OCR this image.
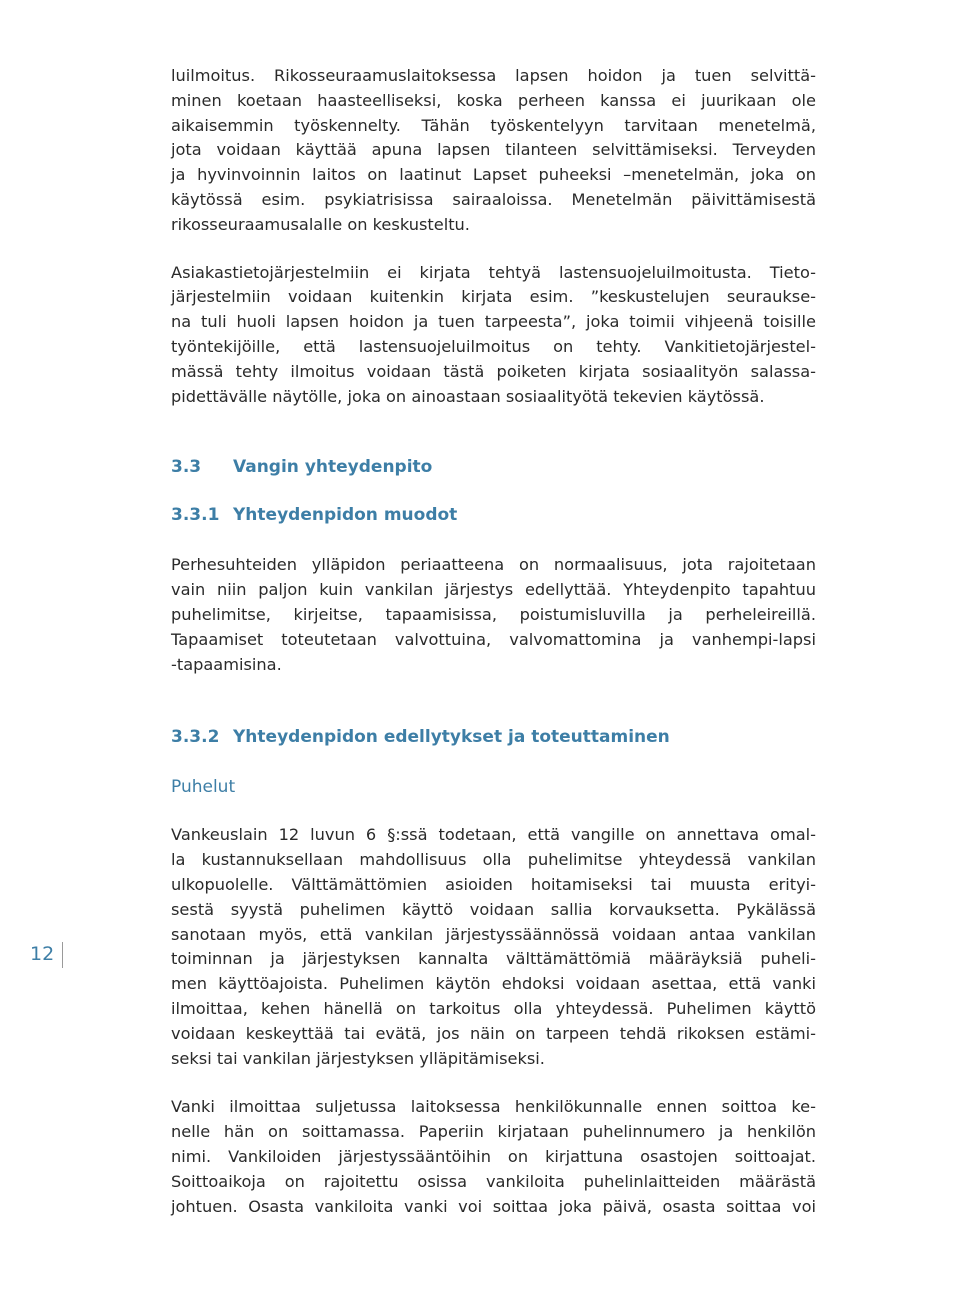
luilmoitus. Rikosseuraamuslaitoksessa lapsen hoidon ja tuen selvittä-
minen koetaan haasteelliseksi, koska perheen kanssa ei juurikaan ole
aikaisemmin työskennelty. Tähän työskentelyyn tarvitaan menetelmä,
jota voidaan käyttää apuna lapsen tilanteen selvittämiseksi. Terveyden
ja hyvinvoinnin laitos on laatinut Lapset puheeksi –menetelmän, joka on
käytössä esim. psykiatrisissa sairaaloissa. Menetelmän päivittämisestä
rikosseuraamusalalle on keskusteltu.

Asiakastietojärjestelmiin ei kirjata tehtyä lastensuojeluilmoitusta. Tieto-
järjestelmiin voidaan kuitenkin kirjata esim. ”keskustelujen seurauksе-
na tuli huoli lapsen hoidon ja tuen tarpeesta”, joka toimii vihjeenä toisille
työntekijöille, että lastensuojeluilmoitus on tehty. Vankitietojärjestel-
mässä tehty ilmoitus voidaan tästä poiketen kirjata sosiaalityön salassa-
pidettävälle näytölle, joka on ainoastaan sosiaalityötä tekevien käytössä.

3.3 Vangin yhteydenpito
3.3.1 Yhteydenpidon muodot

Perhesuhteiden ylläpidon periaatteena on normaalisuus, jota rajoitetaan
vain niin paljon kuin vankilan järjestys edellyttää. Yhteydenpito tapahtuu
puhelimitse, kirjeitse, tapaamisissa, poistumisluvilla ja perheleireillä.
Tapaamiset toteutetaan valvottuina, valvomattomina ja vanhempi-lapsi
-tapaamisina.

3.3.2 Yhteydenpidon edellytykset ja toteuttaminen
Puhelut

Vankeuslain 12 luvun 6 §:ssä todetaan, että vangille on annettava omal-
la kustannuksellaan mahdollisuus olla puhelimitse yhteydessä vankilan
ulkopuolelle. Välttämättömien asioiden hoitamiseksi tai muusta erityi-
sestä syystä puhelimen käyttö voidaan sallia korvauksetta. Pykälässä
sanotaan myös, että vankilan järjestyssäännössä voidaan antaa vankilan
toiminnan ja järjestyksen kannalta välttämättömiä määräyksiä puheli-
men käyttöajoista. Puhelimen käytön ehdoksi voidaan asettaa, että vanki
ilmoittaa, kehen hänellä on tarkoitus olla yhteydessä. Puhelimen käyttö
voidaan keskeyttää tai evätä, jos näin on tarpeen tehdä rikoksen estämi-
seksi tai vankilan järjestyksen ylläpitämiseksi.

Vanki ilmoittaa suljetussa laitoksessa henkilökunnalle ennen soittoa ke-
nelle hän on soittamassa. Paperiin kirjataan puhelinnumero ja henkilön
nimi. Vankiloiden järjestyssääntöihin on kirjattuna osastojen soittoajat.
Soittoaikoja on rajoitettu osissa vankiloita puhelinlaitteiden määrästä
johtuen. Osasta vankiloita vanki voi soittaa joka päivä, osasta soittaa voi

12
